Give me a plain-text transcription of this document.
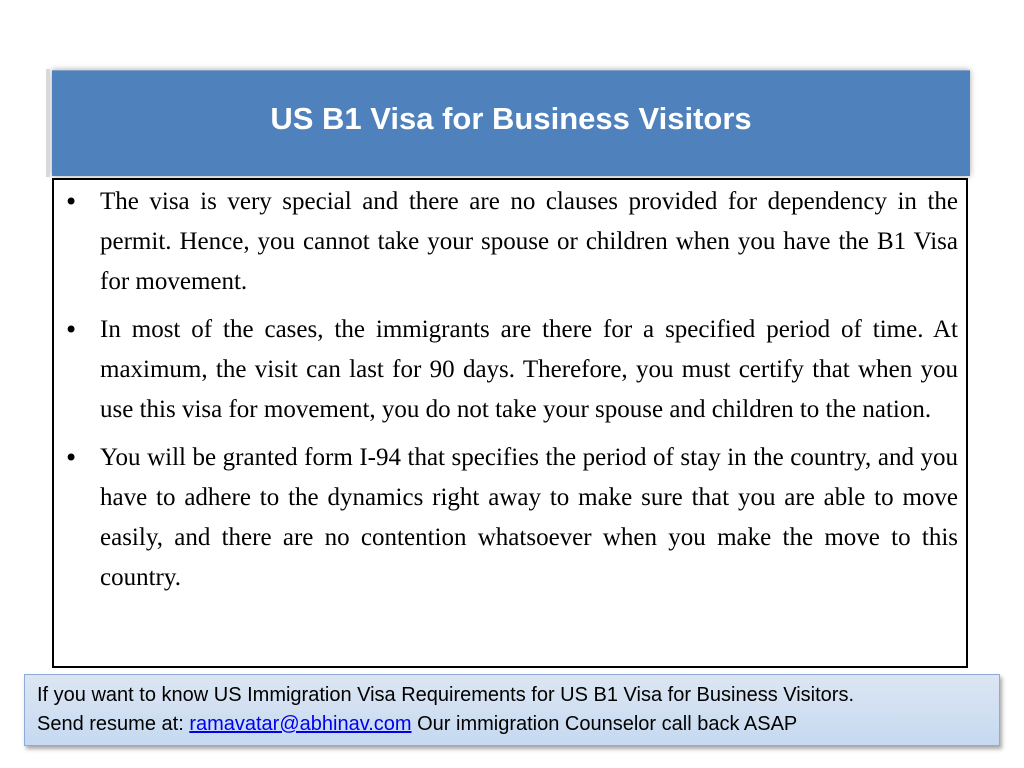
US B1 Visa for Business Visitors
• The visa is very special and there are no clauses provided for dependency in the permit. Hence, you cannot take your spouse or children when you have the B1 Visa for movement.
• In most of the cases, the immigrants are there for a specified period of time. At maximum, the visit can last for 90 days. Therefore, you must certify that when you use this visa for movement, you do not take your spouse and children to the nation.
• You will be granted form I-94 that specifies the period of stay in the country, and you have to adhere to the dynamics right away to make sure that you are able to move easily, and there are no contention whatsoever when you make the move to this country.
If you want to know US Immigration Visa Requirements for US B1 Visa for Business Visitors.
Send resume at: ramavatar@abhinav.com Our immigration Counselor call back ASAP
